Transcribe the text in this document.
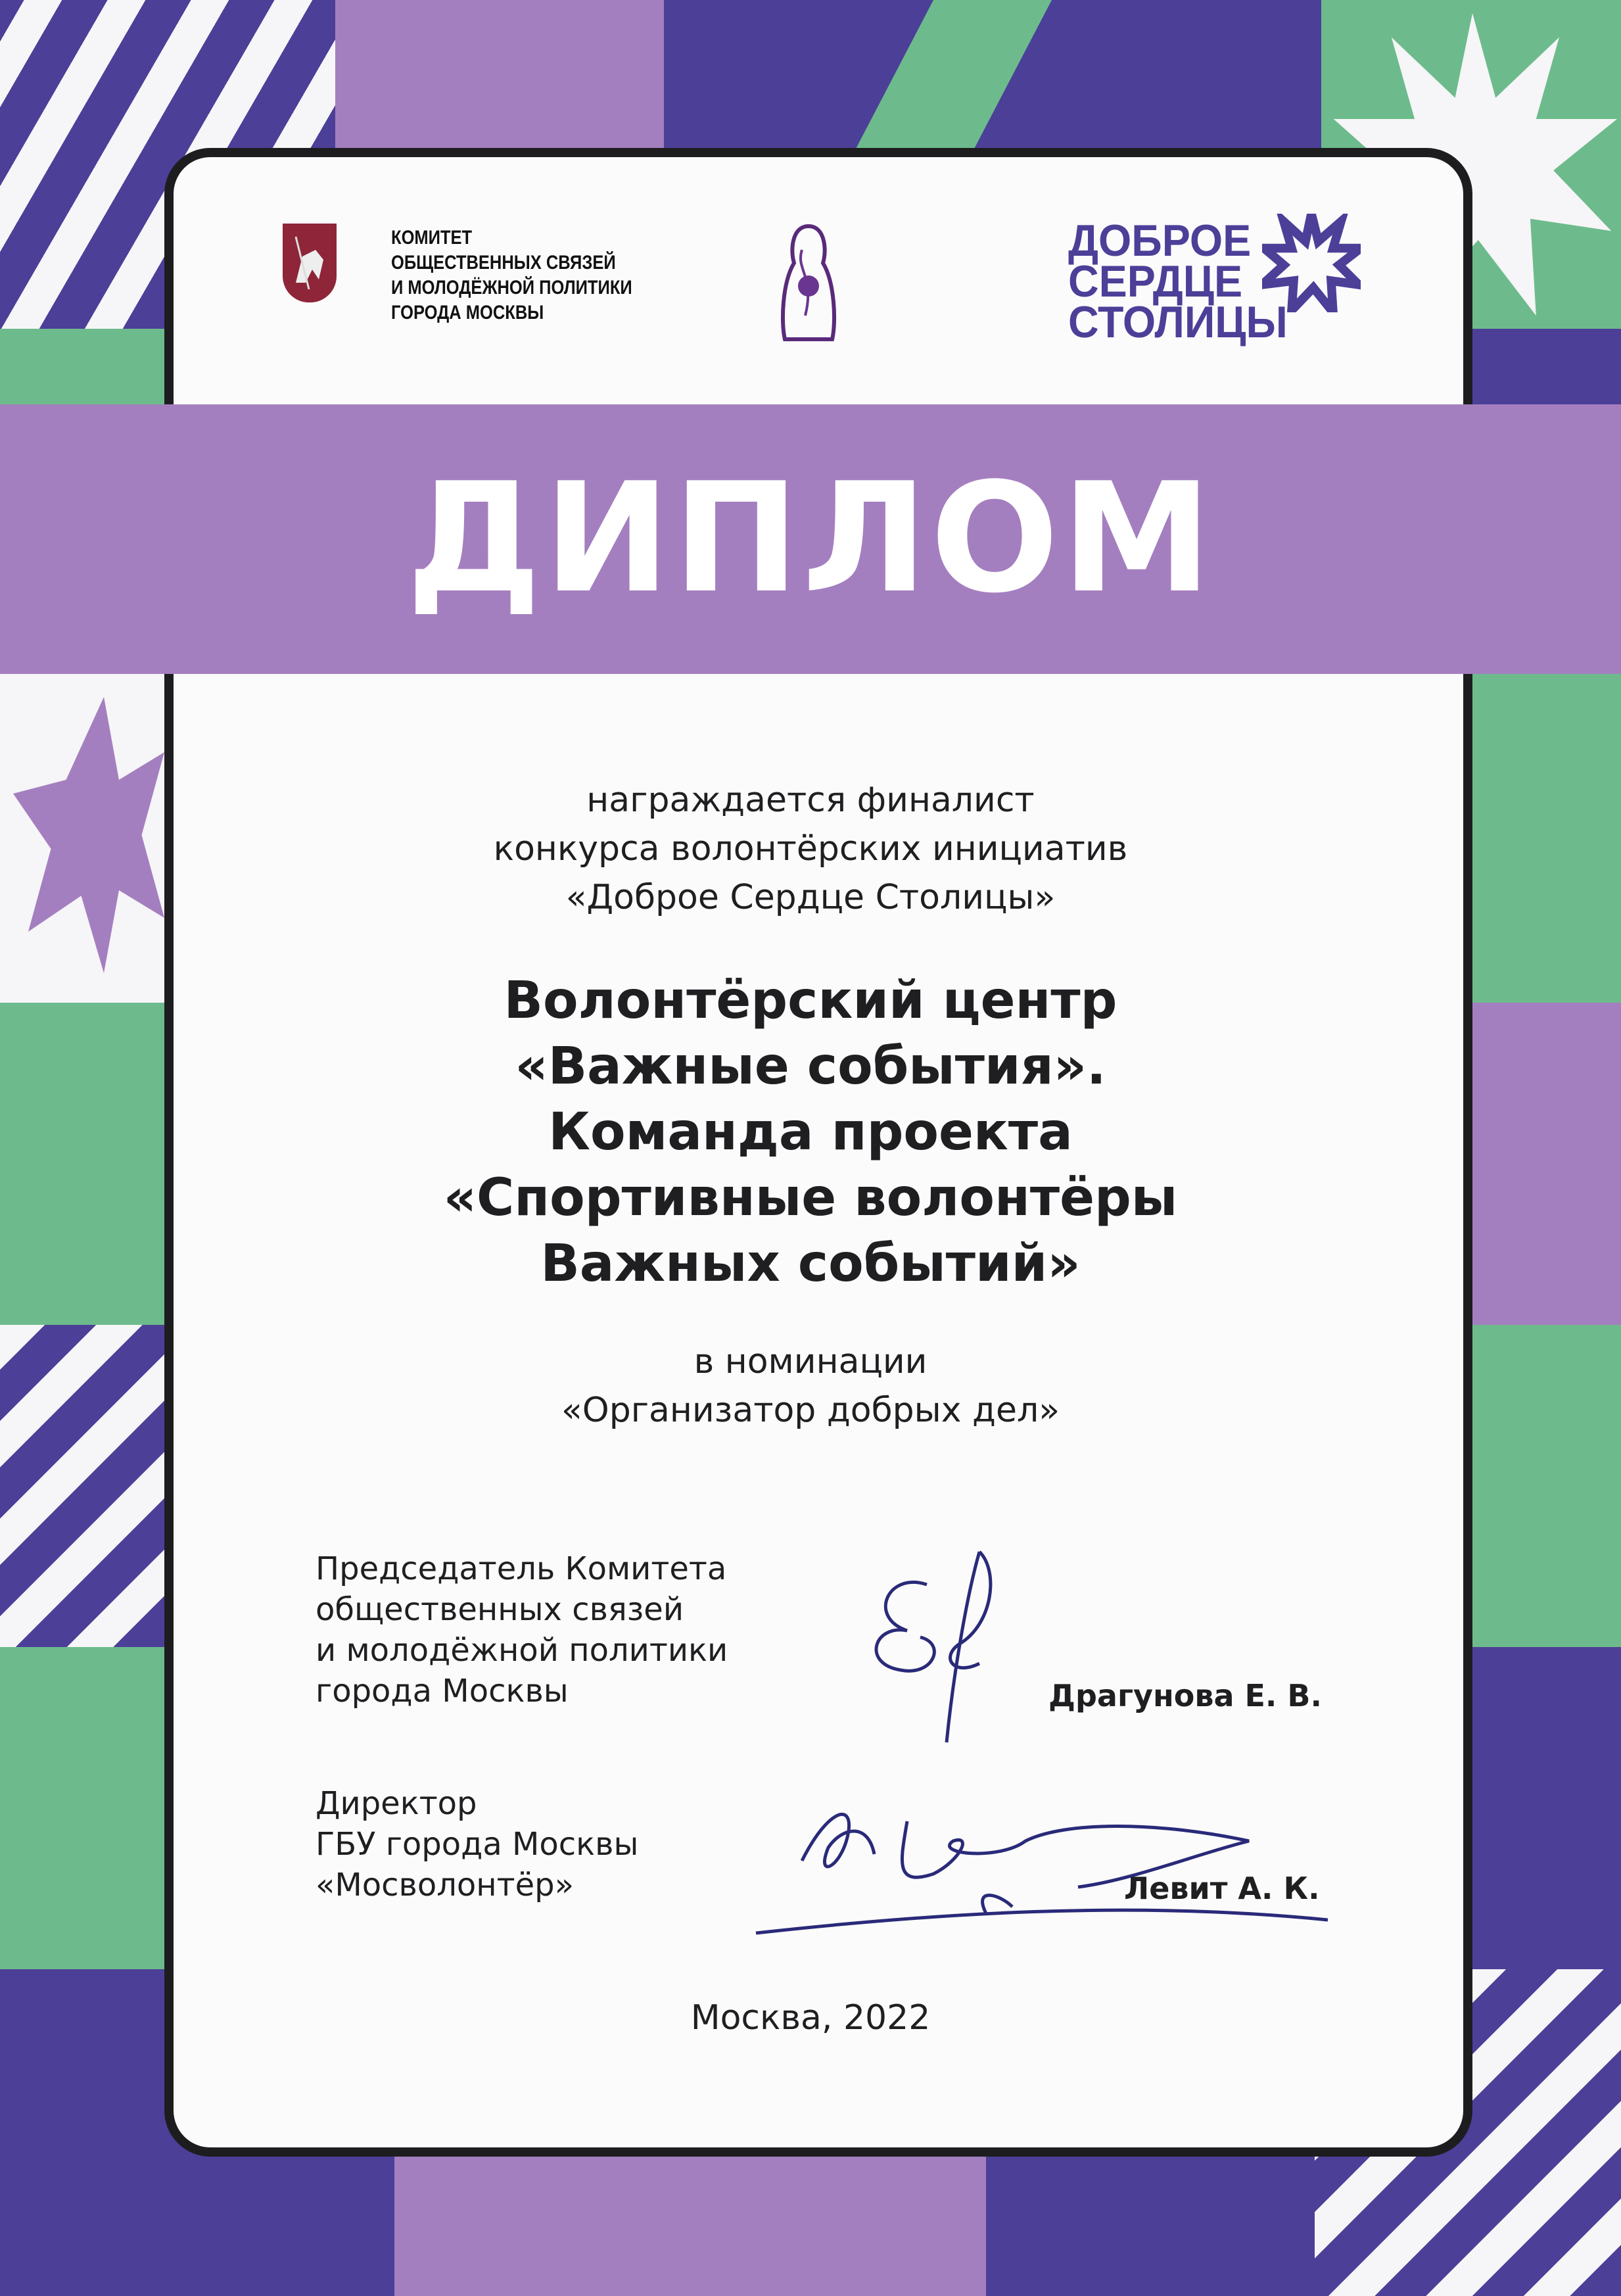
КОМИТЕТ
ОБЩЕСТВЕННЫХ СВЯЗЕЙ
И МОЛОДЁЖНОЙ ПОЛИТИКИ
ГОРОДА МОСКВЫ
ДОБРОЕ
СЕРДЦЕ
СТОЛИЦЫ
ДИПЛОМ
награждается финалист
конкурса волонтёрских инициатив
«Доброе Сердце Столицы»
Волонтёрский центр
«Важные события».
Команда проекта
«Спортивные волонтёры
Важных событий»
в номинации
«Организатор добрых дел»
Председатель Комитета
общественных связей
и молодёжной политики
города Москвы	Драгунова Е. В.
Директор
ГБУ города Москвы
«Мосволонтёр»	Левит А. К.
Москва, 2022
